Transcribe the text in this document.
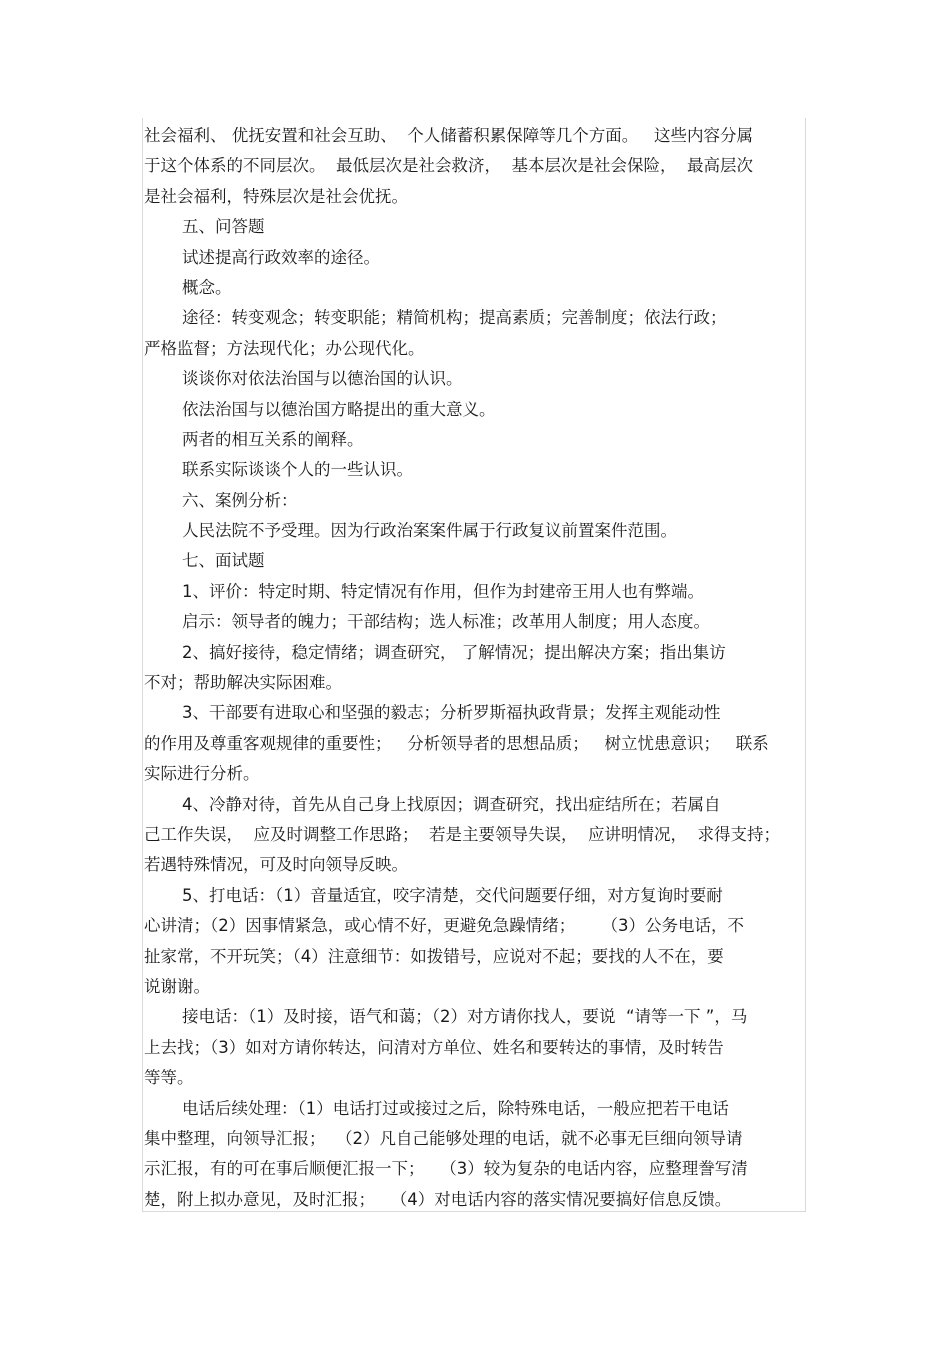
社会福利、 优抚安置和社会互助、  个人储蓄积累保障等几个方面。   这些内容分属
于这个体系的不同层次。  最低层次是社会救济，  基本层次是社会保险，  最高层次
是社会福利，特殊层次是社会优抚。
五、问答题
试述提高行政效率的途径。
概念。
途径：转变观念；转变职能；精简机构；提高素质；完善制度；依法行政；
严格监督；方法现代化；办公现代化。
谈谈你对依法治国与以德治国的认识。
依法治国与以德治国方略提出的重大意义。
两者的相互关系的阐释。
联系实际谈谈个人的一些认识。
六、案例分析：
人民法院不予受理。因为行政治案案件属于行政复议前置案件范围。
七、面试题
1、评价：特定时期、特定情况有作用，但作为封建帝王用人也有弊端。
启示：领导者的魄力；干部结构；选人标准；改革用人制度；用人态度。
2、搞好接待，稳定情绪；调查研究， 了解情况；提出解决方案；指出集访
不对；帮助解决实际困难。
3、干部要有进取心和坚强的毅志；分析罗斯福执政背景；发挥主观能动性
的作用及尊重客观规律的重要性；   分析领导者的思想品质；   树立忧患意识；   联系
实际进行分析。
4、冷静对待，首先从自己身上找原因；调查研究，找出症结所在；若属自
己工作失误，  应及时调整工作思路；  若是主要领导失误，  应讲明情况，  求得支持；
若遇特殊情况，可及时向领导反映。
5、打电话：（1）音量适宜，咬字清楚，交代问题要仔细，对方复询时要耐
心讲清；（2）因事情紧急，或心情不好，更避免急躁情绪；     （3）公务电话，不
扯家常，不开玩笑；（4）注意细节：如拨错号，应说对不起；要找的人不在，要
说谢谢。
接电话：（1）及时接，语气和蔼；（2）对方请你找人，要说  “请等一下 ”，马
上去找；（3）如对方请你转达，问清对方单位、姓名和要转达的事情，及时转告
等等。
电话后续处理：（1）电话打过或接过之后，除特殊电话，一般应把若干电话
集中整理，向领导汇报；  （2）凡自己能够处理的电话，就不必事无巨细向领导请
示汇报，有的可在事后顺便汇报一下；   （3）较为复杂的电话内容，应整理誊写清
楚，附上拟办意见，及时汇报；   （4）对电话内容的落实情况要搞好信息反馈。
